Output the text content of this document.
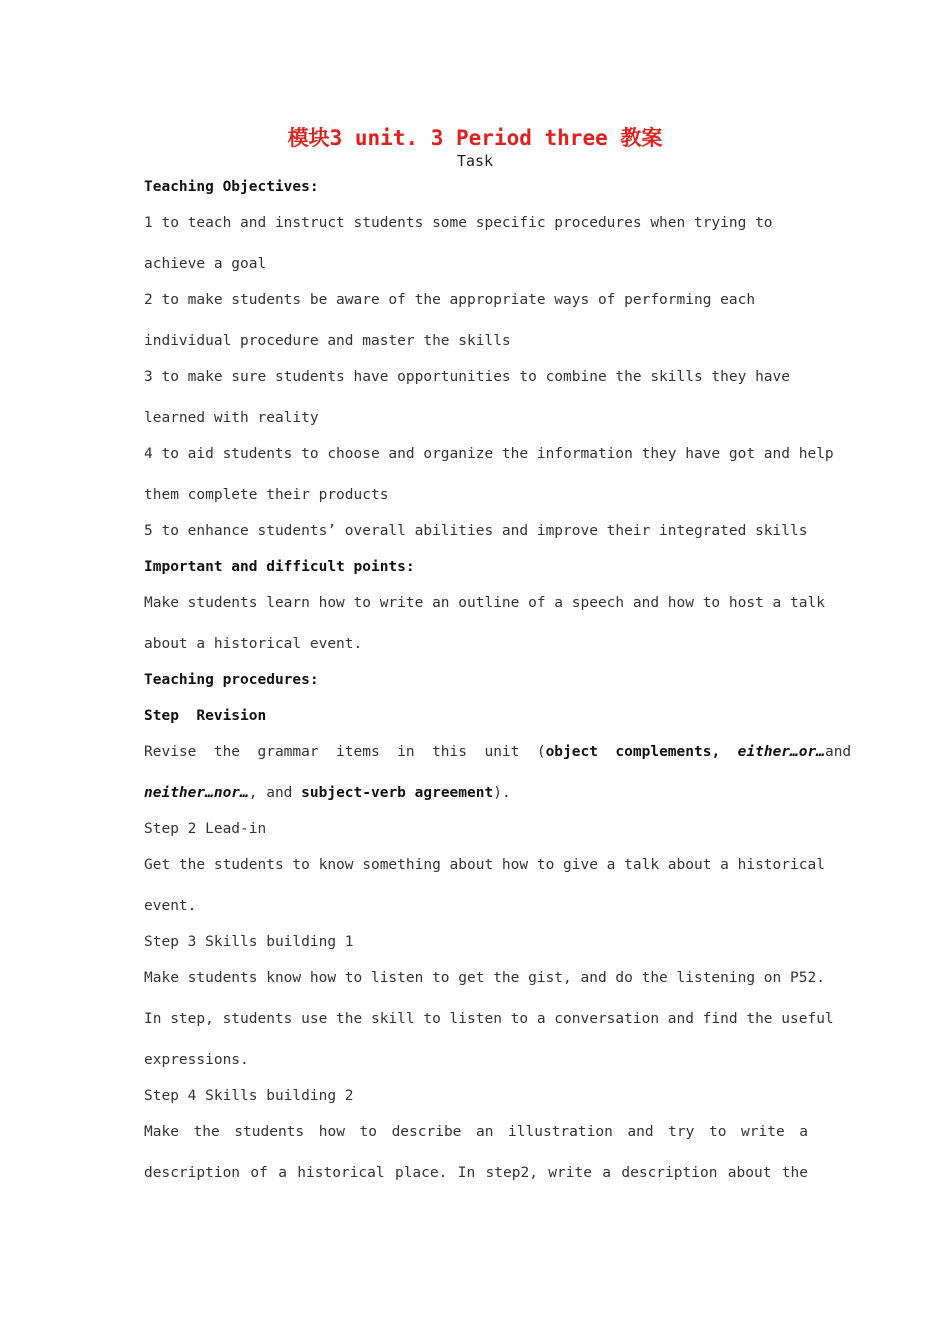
模块3 unit. 3 Period three 教案
Task
Teaching Objectives:
1 to teach and instruct students some specific procedures when trying to
achieve a goal
2 to make students be aware of the appropriate ways of performing each
individual procedure and master the skills
3 to make sure students have opportunities to combine the skills they have
learned with reality
4 to aid students to choose and organize the information they have got and help
them complete their products
5 to enhance students’ overall abilities and improve their integrated skills
Important and difficult points:
Make students learn how to write an outline of a speech and how to host a talk
about a historical event.
Teaching procedures:
Step  Revision
Revise  the  grammar  items  in  this  unit  (object  complements, either…or…and
neither…nor…, and subject-verb agreement).
Step 2 Lead-in
Get the students to know something about how to give a talk about a historical
event.
Step 3 Skills building 1
Make students know how to listen to get the gist, and do the listening on P52.
In step, students use the skill to listen to a conversation and find the useful
expressions.
Step 4 Skills building 2
Make the students how to describe an illustration and try to write a
description of a historical place. In step2, write a description about the
